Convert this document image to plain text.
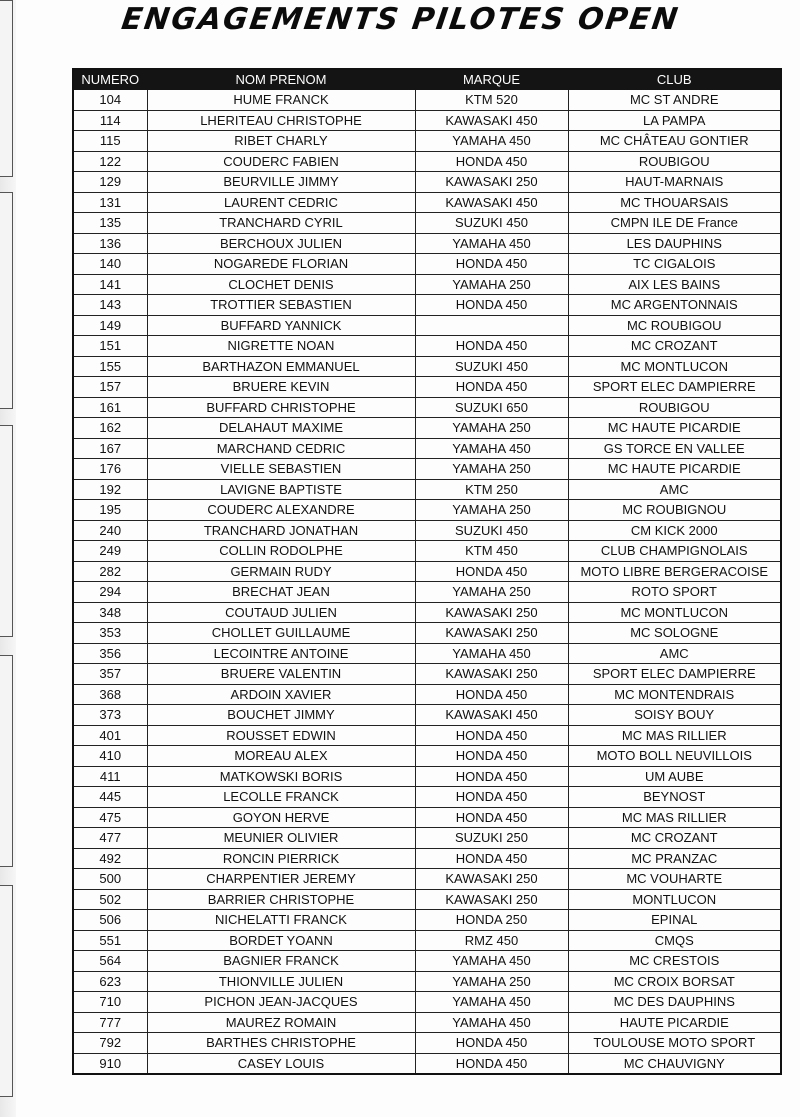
ENGAGEMENTS PILOTES OPEN
NUMERO	NOM PRENOM	MARQUE	CLUB
104	HUME FRANCK	KTM 520	MC ST ANDRE
114	LHERITEAU CHRISTOPHE	KAWASAKI 450	LA PAMPA
115	RIBET CHARLY	YAMAHA 450	MC CHÂTEAU GONTIER
122	COUDERC FABIEN	HONDA 450	ROUBIGOU
129	BEURVILLE JIMMY	KAWASAKI 250	HAUT-MARNAIS
131	LAURENT CEDRIC	KAWASAKI 450	MC THOUARSAIS
135	TRANCHARD CYRIL	SUZUKI 450	CMPN ILE DE France
136	BERCHOUX JULIEN	YAMAHA 450	LES DAUPHINS
140	NOGAREDE FLORIAN	HONDA 450	TC CIGALOIS
141	CLOCHET DENIS	YAMAHA 250	AIX LES BAINS
143	TROTTIER SEBASTIEN	HONDA 450	MC ARGENTONNAIS
149	BUFFARD YANNICK		MC ROUBIGOU
151	NIGRETTE NOAN	HONDA 450	MC CROZANT
155	BARTHAZON EMMANUEL	SUZUKI 450	MC MONTLUCON
157	BRUERE KEVIN	HONDA 450	SPORT ELEC DAMPIERRE
161	BUFFARD CHRISTOPHE	SUZUKI 650	ROUBIGOU
162	DELAHAUT MAXIME	YAMAHA 250	MC HAUTE PICARDIE
167	MARCHAND CEDRIC	YAMAHA 450	GS TORCE EN VALLEE
176	VIELLE SEBASTIEN	YAMAHA 250	MC HAUTE PICARDIE
192	LAVIGNE BAPTISTE	KTM 250	AMC
195	COUDERC ALEXANDRE	YAMAHA 250	MC ROUBIGNOU
240	TRANCHARD JONATHAN	SUZUKI 450	CM KICK 2000
249	COLLIN RODOLPHE	KTM 450	CLUB CHAMPIGNOLAIS
282	GERMAIN RUDY	HONDA 450	MOTO LIBRE BERGERACOISE
294	BRECHAT JEAN	YAMAHA 250	ROTO SPORT
348	COUTAUD JULIEN	KAWASAKI 250	MC MONTLUCON
353	CHOLLET GUILLAUME	KAWASAKI 250	MC SOLOGNE
356	LECOINTRE ANTOINE	YAMAHA 450	AMC
357	BRUERE VALENTIN	KAWASAKI 250	SPORT ELEC DAMPIERRE
368	ARDOIN XAVIER	HONDA 450	MC MONTENDRAIS
373	BOUCHET JIMMY	KAWASAKI 450	SOISY BOUY
401	ROUSSET EDWIN	HONDA 450	MC MAS RILLIER
410	MOREAU ALEX	HONDA 450	MOTO BOLL NEUVILLOIS
411	MATKOWSKI BORIS	HONDA 450	UM AUBE
445	LECOLLE FRANCK	HONDA 450	BEYNOST
475	GOYON HERVE	HONDA 450	MC MAS RILLIER
477	MEUNIER OLIVIER	SUZUKI 250	MC CROZANT
492	RONCIN PIERRICK	HONDA 450	MC PRANZAC
500	CHARPENTIER JEREMY	KAWASAKI 250	MC VOUHARTE
502	BARRIER CHRISTOPHE	KAWASAKI 250	MONTLUCON
506	NICHELATTI FRANCK	HONDA 250	EPINAL
551	BORDET YOANN	RMZ 450	CMQS
564	BAGNIER FRANCK	YAMAHA 450	MC CRESTOIS
623	THIONVILLE JULIEN	YAMAHA 250	MC CROIX BORSAT
710	PICHON JEAN-JACQUES	YAMAHA 450	MC DES DAUPHINS
777	MAUREZ ROMAIN	YAMAHA 450	HAUTE PICARDIE
792	BARTHES CHRISTOPHE	HONDA 450	TOULOUSE MOTO SPORT
910	CASEY LOUIS	HONDA 450	MC CHAUVIGNY
